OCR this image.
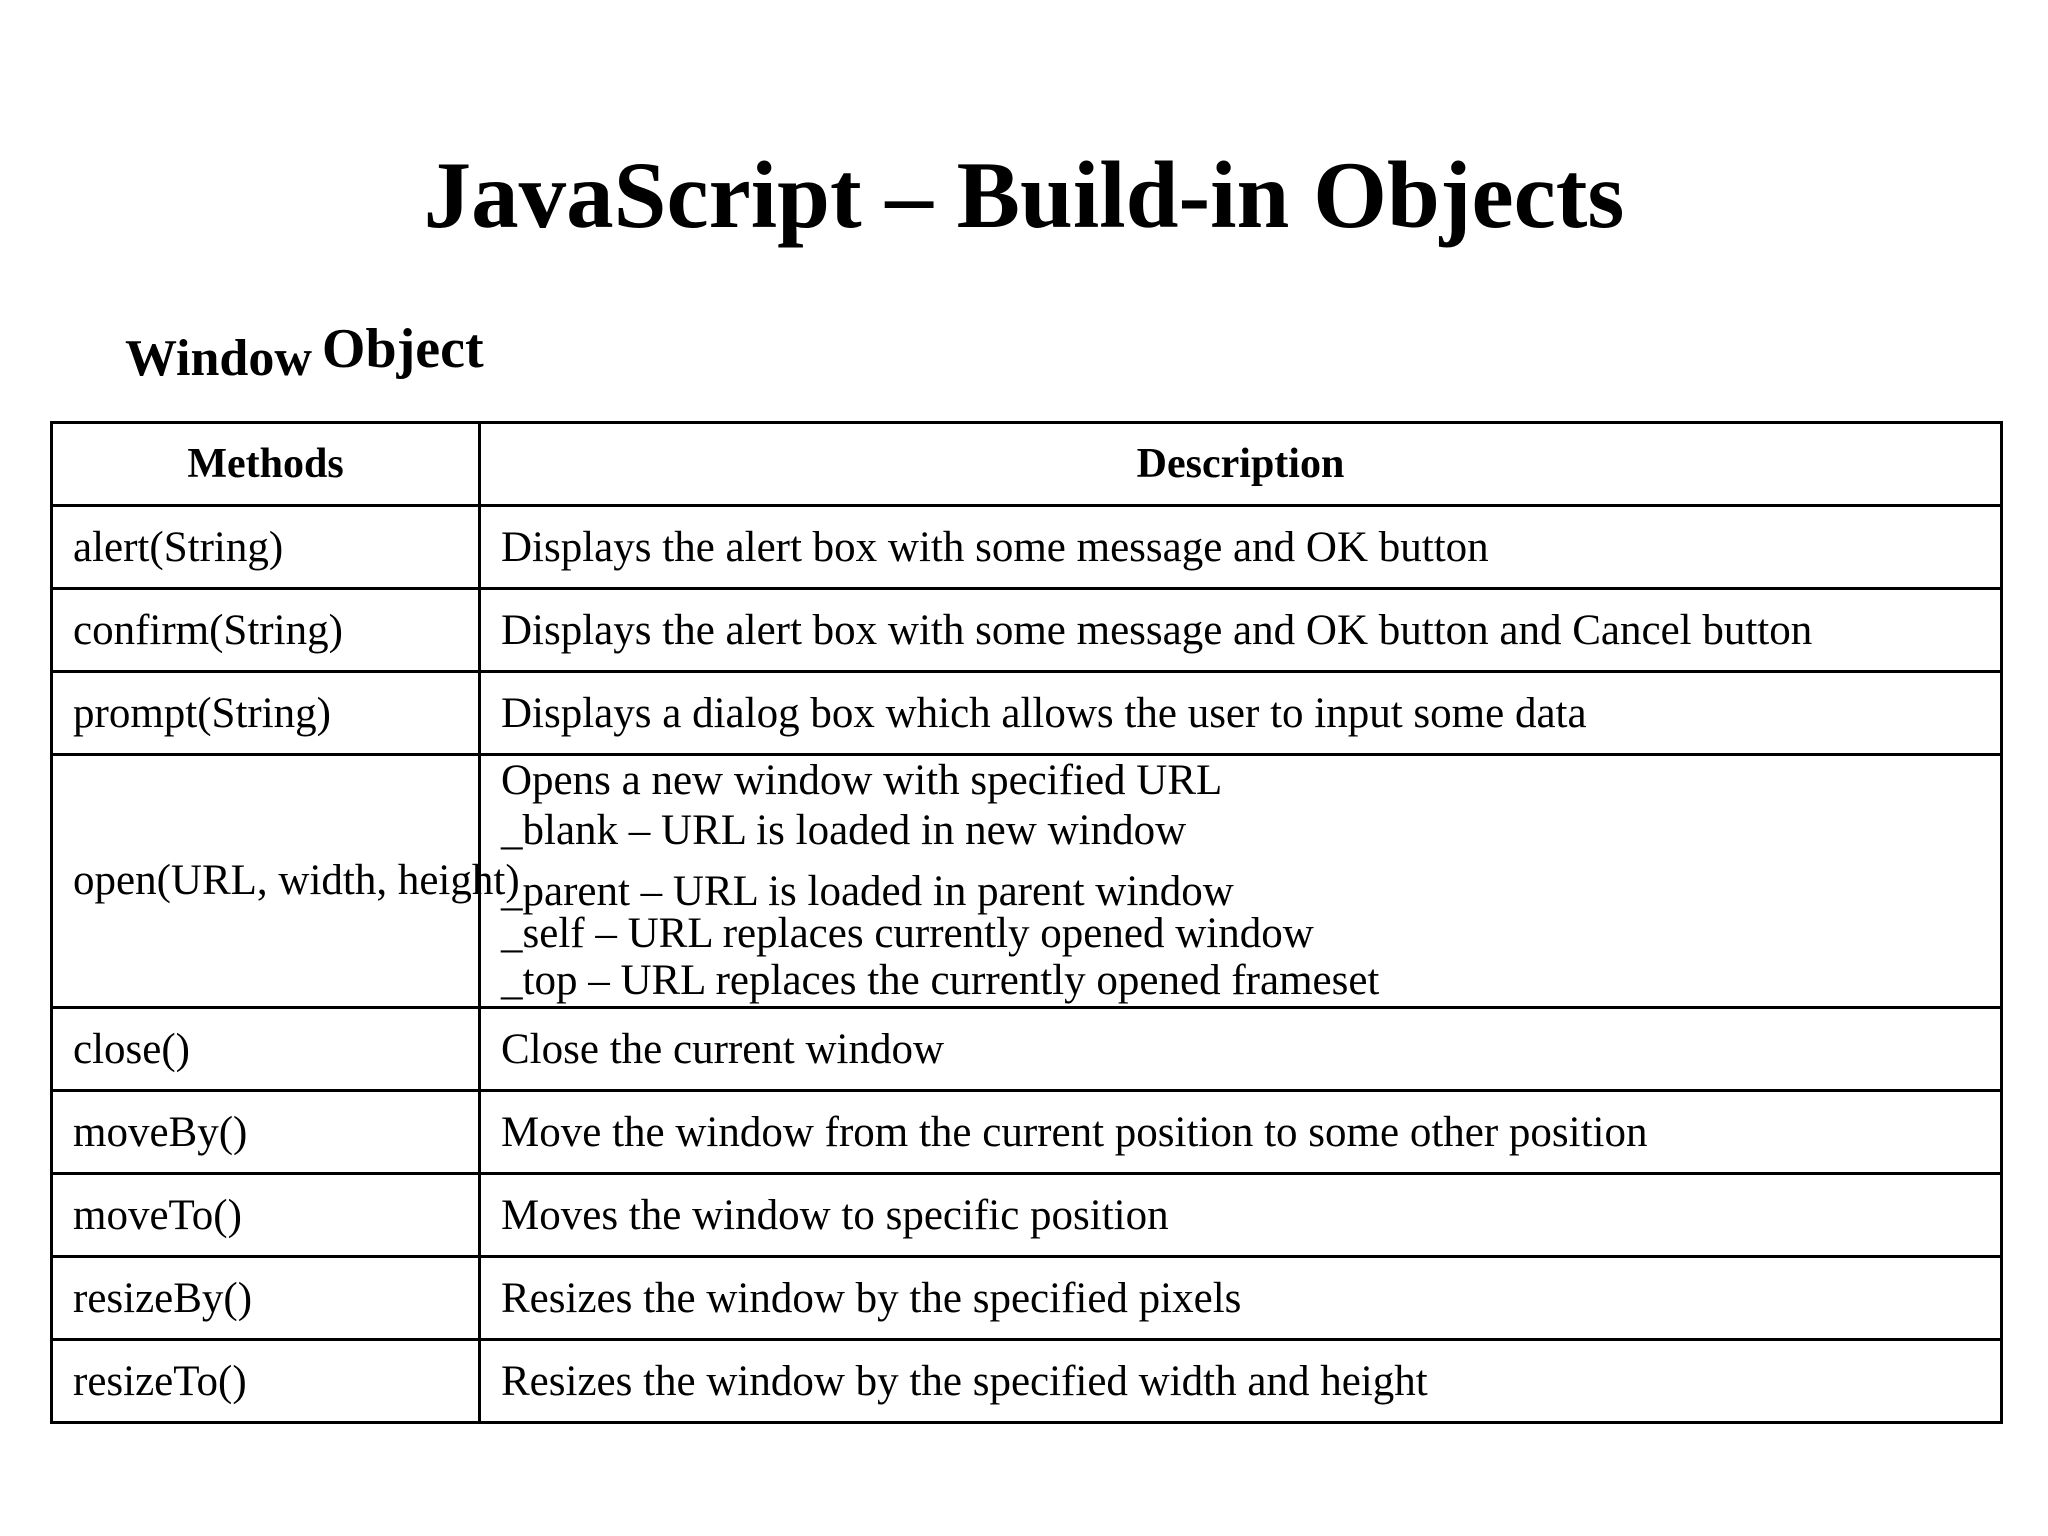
JavaScript – Build-in Objects
Window Object
Methods	Description
alert(String)	Displays the alert box with some message and OK button
confirm(String)	Displays the alert box with some message and OK button and Cancel button
prompt(String)	Displays a dialog box which allows the user to input some data
open(URL, width, height)	Opens a new window with specified URL
_blank – URL is loaded in new window
_parent – URL is loaded in parent window
_self – URL replaces currently opened window
_top – URL replaces the currently opened frameset

close()	Close the current window
moveBy()	Move the window from the current position to some other position
moveTo()	Moves the window to specific position
resizeBy()	Resizes the window by the specified pixels
resizeTo()	Resizes the window by the specified width and height
